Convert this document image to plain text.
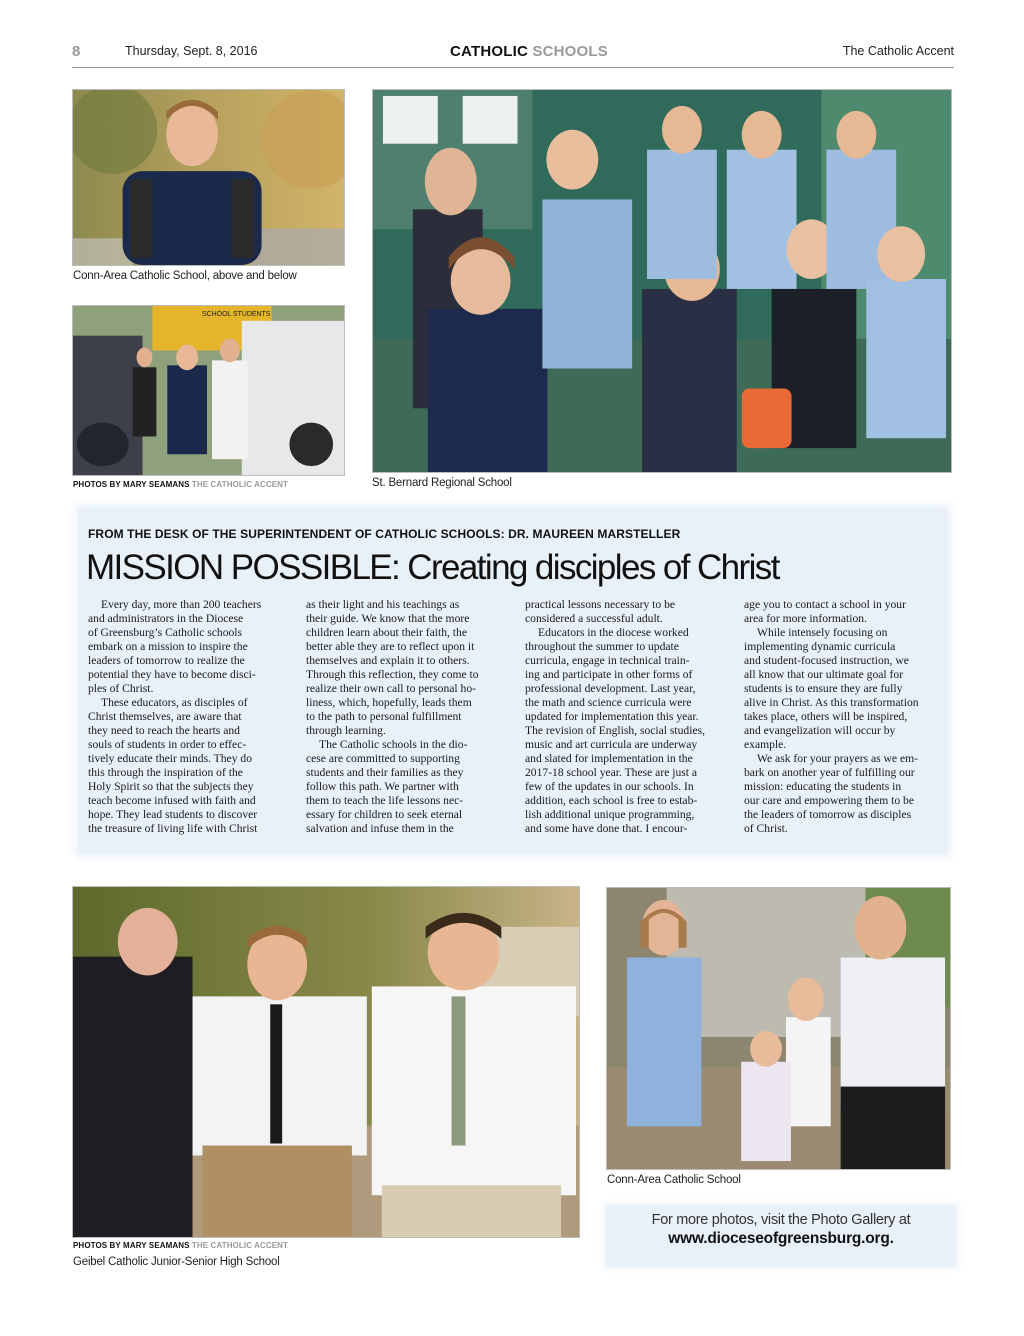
8	Thursday, Sept. 8, 2016	CATHOLIC SCHOOLS	The Catholic Accent
Conn-Area Catholic School, above and below
SCHOOL STUDENTS
PHOTOS BY MARY SEAMANS THE CATHOLIC ACCENT	St. Bernard Regional School
FROM THE DESK OF THE SUPERINTENDENT OF CATHOLIC SCHOOLS: DR. MAUREEN MARSTELLER
MISSION POSSIBLE: Creating disciples of Christ
Every day, more than 200 teachers
and administrators in the Diocese
of Greensburg’s Catholic schools
embark on a mission to inspire the
leaders of tomorrow to realize the
potential they have to become disci-
ples of Christ.
These educators, as disciples of
Christ themselves, are aware that
they need to reach the hearts and
souls of students in order to effec-
tively educate their minds. They do
this through the inspiration of the
Holy Spirit so that the subjects they
teach become infused with faith and
hope. They lead students to discover
the treasure of living life with Christ
as their light and his teachings as
their guide. We know that the more
children learn about their faith, the
better able they are to reflect upon it
themselves and explain it to others.
Through this reflection, they come to
realize their own call to personal ho-
liness, which, hopefully, leads them
to the path to personal fulfillment
through learning.
The Catholic schools in the dio-
cese are committed to supporting
students and their families as they
follow this path. We partner with
them to teach the life lessons nec-
essary for children to seek eternal
salvation and infuse them in the
practical lessons necessary to be
considered a successful adult.
Educators in the diocese worked
throughout the summer to update
curricula, engage in technical train-
ing and participate in other forms of
professional development. Last year,
the math and science curricula were
updated for implementation this year.
The revision of English, social studies,
music and art curricula are underway
and slated for implementation in the
2017-18 school year. These are just a
few of the updates in our schools. In
addition, each school is free to estab-
lish additional unique programming,
and some have done that. I encour-
age you to contact a school in your
area for more information.
While intensely focusing on
implementing dynamic curricula
and student-focused instruction, we
all know that our ultimate goal for
students is to ensure they are fully
alive in Christ. As this transformation
takes place, others will be inspired,
and evangelization will occur by
example.
We ask for your prayers as we em-
bark on another year of fulfilling our
mission: educating the students in
our care and empowering them to be
the leaders of tomorrow as disciples
of Christ.
PHOTOS BY MARY SEAMANS THE CATHOLIC ACCENT
Geibel Catholic Junior-Senior High School
Conn-Area Catholic School
For more photos, visit the Photo Gallery at
www.dioceseofgreensburg.org.
